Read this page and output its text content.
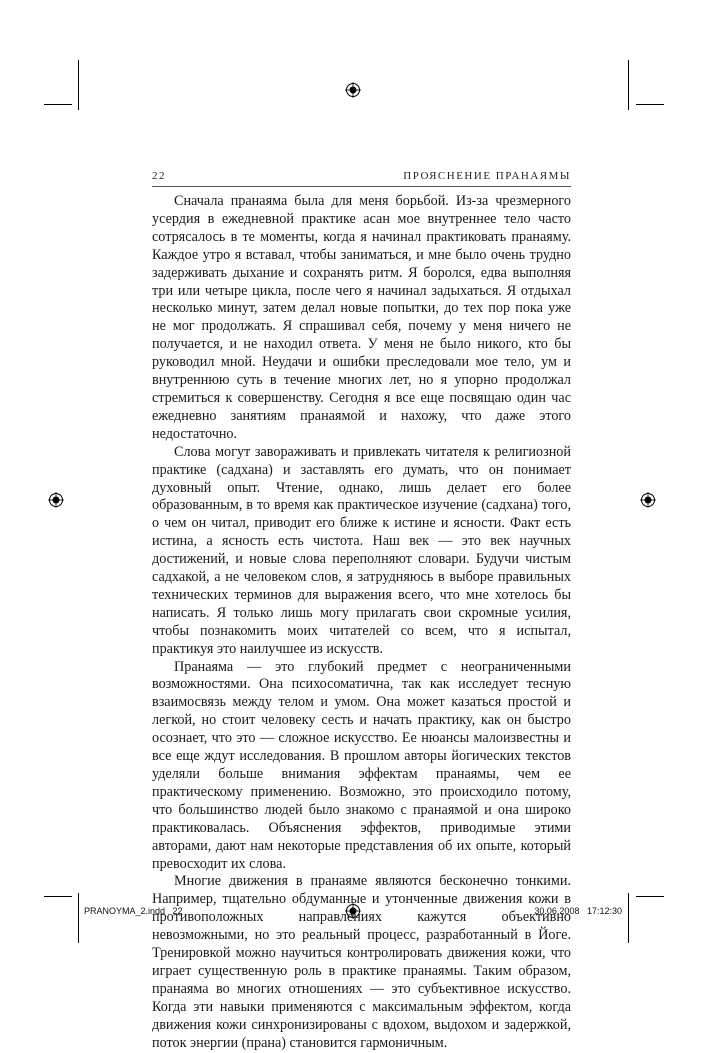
22	ПРОЯСНЕНИЕ ПРАНАЯМЫ

Сначала пранаяма была для меня борьбой. Из-за чрезмерного усердия в ежедневной практике асан мое внутреннее тело часто сотрясалось в те моменты, когда я начинал практиковать пранаяму. Каждое утро я вставал, чтобы заниматься, и мне было очень трудно задерживать дыхание и сохранять ритм. Я боролся, едва выполняя три или четыре цикла, после чего я начинал задыхаться. Я отдыхал несколько минут, затем делал новые попытки, до тех пор пока уже не мог продолжать. Я спрашивал себя, почему у меня ничего не получается, и не находил ответа. У меня не было никого, кто бы руководил мной. Неудачи и ошибки преследовали мое тело, ум и внутреннюю суть в течение многих лет, но я упорно продолжал стремиться к совершенству. Сегодня я все еще посвящаю один час ежедневно занятиям пранаямой и нахожу, что даже этого недостаточно.

Слова могут завораживать и привлекать читателя к религиозной практике (садхана) и заставлять его думать, что он понимает духовный опыт. Чтение, однако, лишь делает его более образованным, в то время как практическое изучение (садхана) того, о чем он читал, приводит его ближе к истине и ясности. Факт есть истина, а ясность есть чистота. Наш век — это век научных достижений, и новые слова переполняют словари. Будучи чистым садхакой, а не человеком слов, я затрудняюсь в выборе правильных технических терминов для выражения всего, что мне хотелось бы написать. Я только лишь могу прилагать свои скромные усилия, чтобы познакомить моих читателей со всем, что я испытал, практикуя это наилучшее из искусств.

Пранаяма — это глубокий предмет с неограниченными возможностями. Она психосоматична, так как исследует тесную взаимосвязь между телом и умом. Она может казаться простой и легкой, но стоит человеку сесть и начать практику, как он быстро осознает, что это — сложное искусство. Ее нюансы малоизвестны и все еще ждут исследования. В прошлом авторы йогических текстов уделяли больше внимания эффектам пранаямы, чем ее практическому применению. Возможно, это происходило потому, что большинство людей было знакомо с пранаямой и она широко практиковалась. Объяснения эффектов, приводимые этими авторами, дают нам некоторые представления об их опыте, который превосходит их слова.

Многие движения в пранаяме являются бесконечно тонкими. Например, тщательно обдуманные и утонченные движения кожи в противоположных направлениях кажутся объективно невозможными, но это реальный процесс, разработанный в Йоге. Тренировкой можно научиться контролировать движения кожи, что играет существенную роль в практике пранаямы. Таким образом, пранаяма во многих отношениях — это субъективное искусство. Когда эти навыки применяются с максимальным эффектом, когда движения кожи синхронизированы с вдохом, выдохом и задержкой, поток энергии (прана) становится гармоничным.

PRANOYMA_2.indd   22	30.06.2008   17:12:30
